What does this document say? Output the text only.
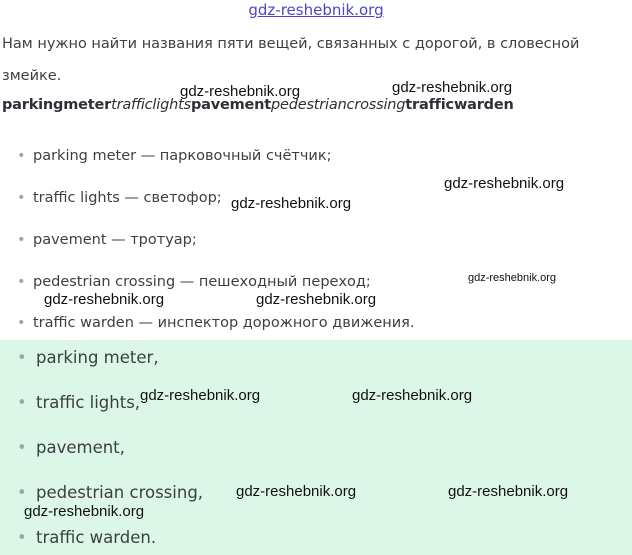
gdz-reshebnik.org
Нам нужно найти названия пяти вещей, связанных с дорогой, в словесной змейке.
parkingmetertrafficlightspavementpedestriancrossingtrafficwarden
• parking meter — парковочный счётчик;
• traffic lights — светофор;
• pavement — тротуар;
• pedestrian crossing — пешеходный переход;
• traffic warden — инспектор дорожного движения.
• parking meter,
• traffic lights,
• pavement,
• pedestrian crossing,
• traffic warden.
gdz-reshebnik.org	gdz-reshebnik.org
gdz-reshebnik.org
gdz-reshebnik.org
gdz-reshebnik.org
gdz-reshebnik.org	gdz-reshebnik.org
gdz-reshebnik.org	gdz-reshebnik.org
gdz-reshebnik.org	gdz-reshebnik.org
gdz-reshebnik.org
